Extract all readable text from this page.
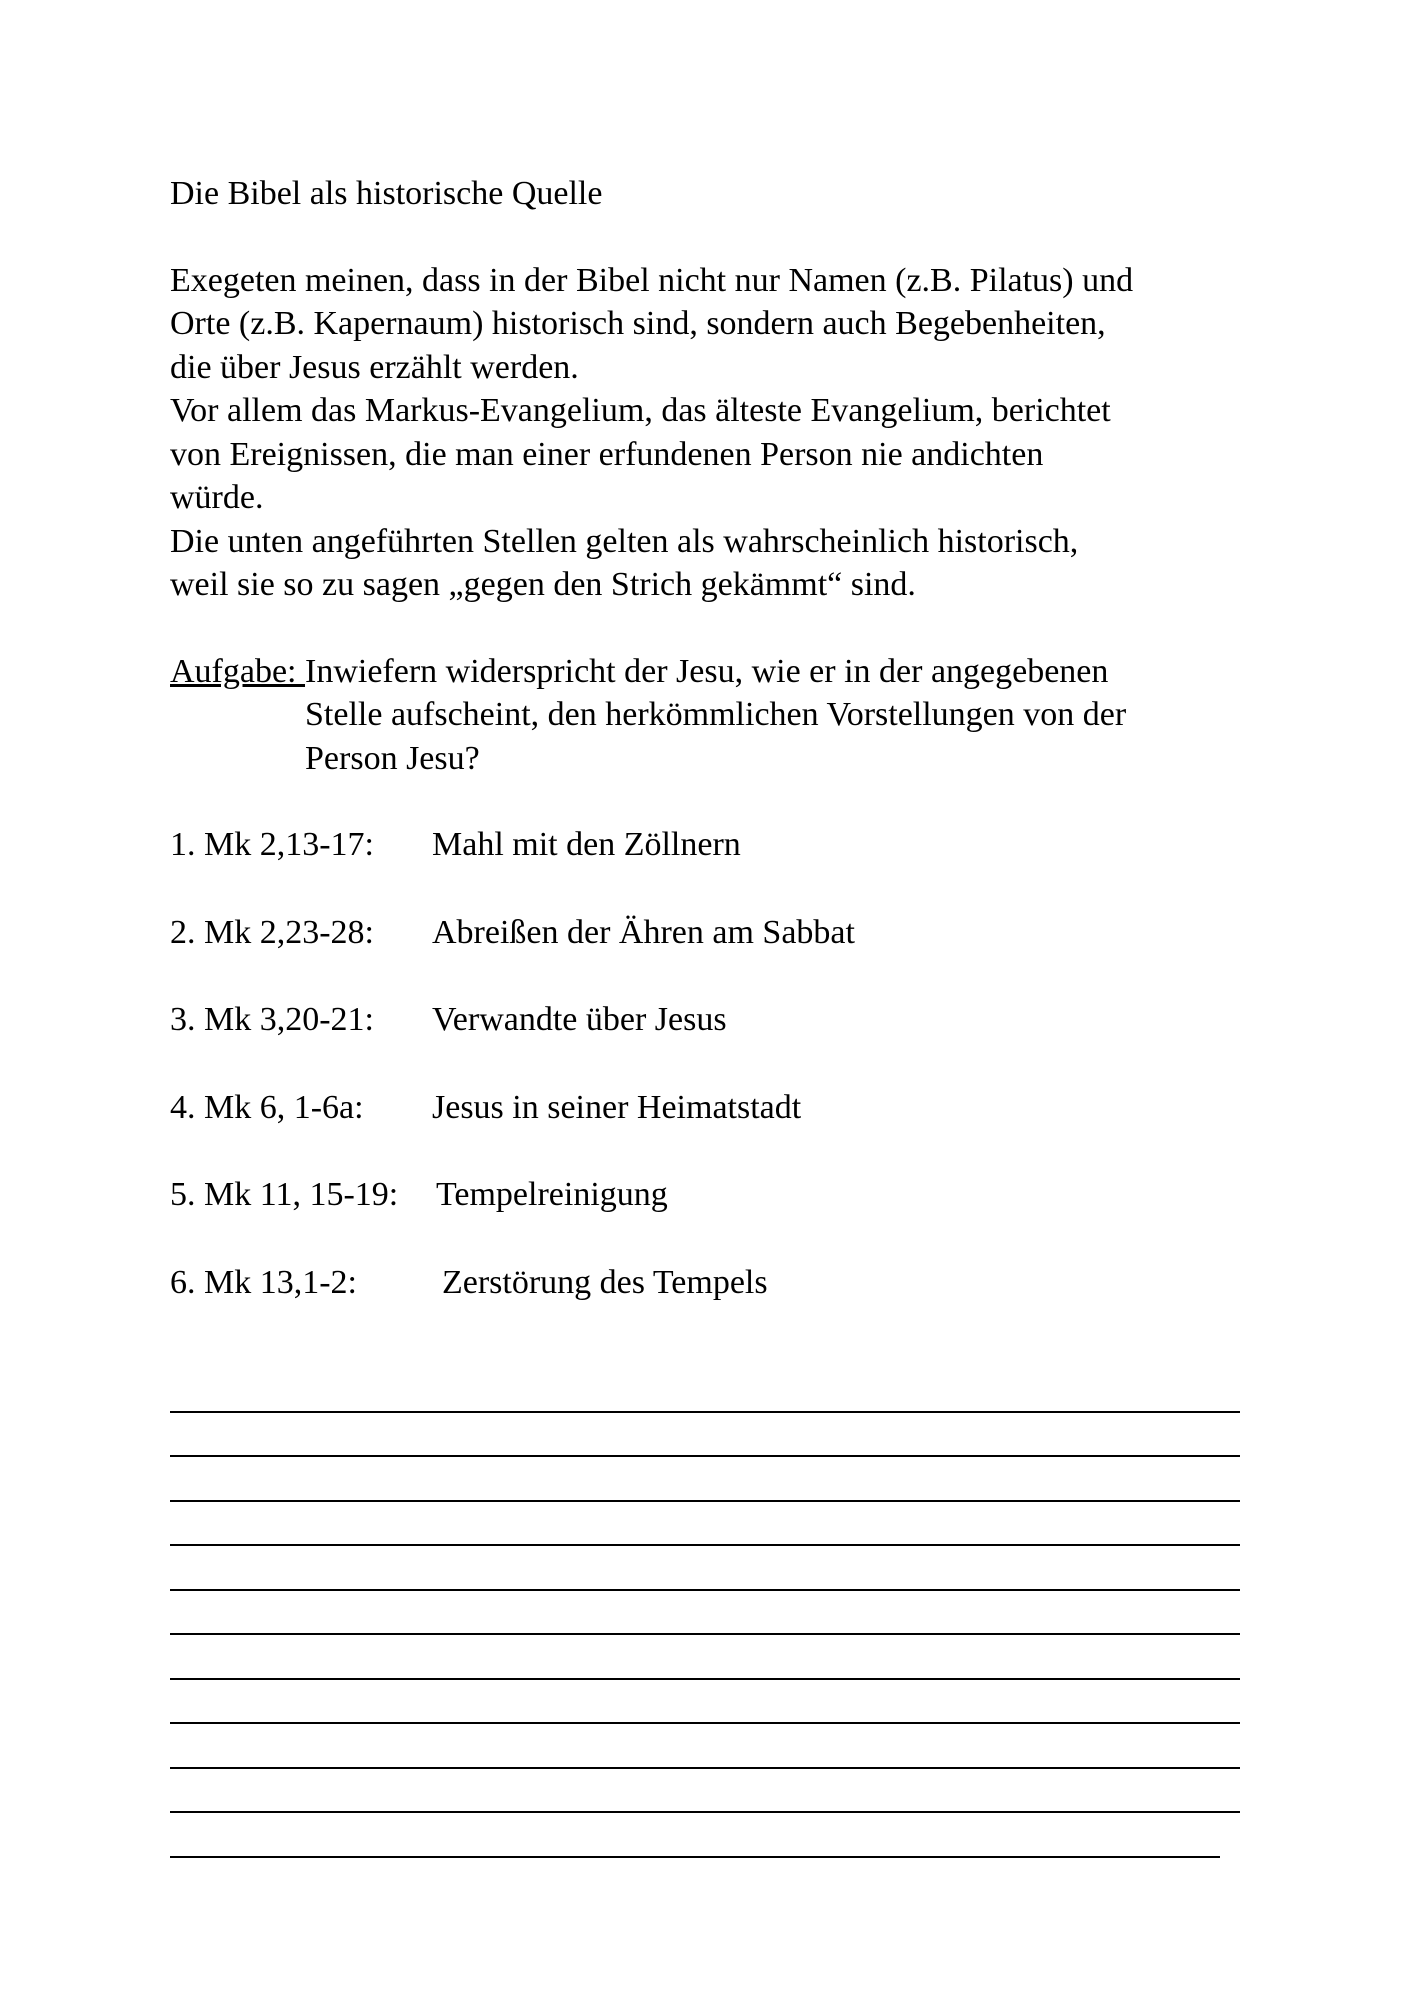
Die Bibel als historische Quelle

Exegeten meinen, dass in der Bibel nicht nur Namen (z.B. Pilatus) und

Orte (z.B. Kapernaum) historisch sind, sondern auch Begebenheiten,

die über Jesus erzählt werden.

Vor allem das Markus-Evangelium, das älteste Evangelium, berichtet

von Ereignissen, die man einer erfundenen Person nie andichten

würde.

Die unten angeführten Stellen gelten als wahrscheinlich historisch,

weil sie so zu sagen „gegen den Strich gekämmt“ sind.

Aufgabe: Inwiefern widerspricht der Jesu, wie er in der angegebenen
Stelle aufscheint, den herkömmlichen Vorstellungen von der
Person Jesu?
1. Mk 2,13-17:	Mahl mit den Zöllnern
2. Mk 2,23-28:	Abreißen der Ähren am Sabbat
3. Mk 3,20-21:	Verwandte über Jesus
4. Mk 6, 1-6a:	Jesus in seiner Heimatstadt
5. Mk 11, 15-19:	Tempelreinigung
6. Mk 13,1-2:	Zerstörung des Tempels
